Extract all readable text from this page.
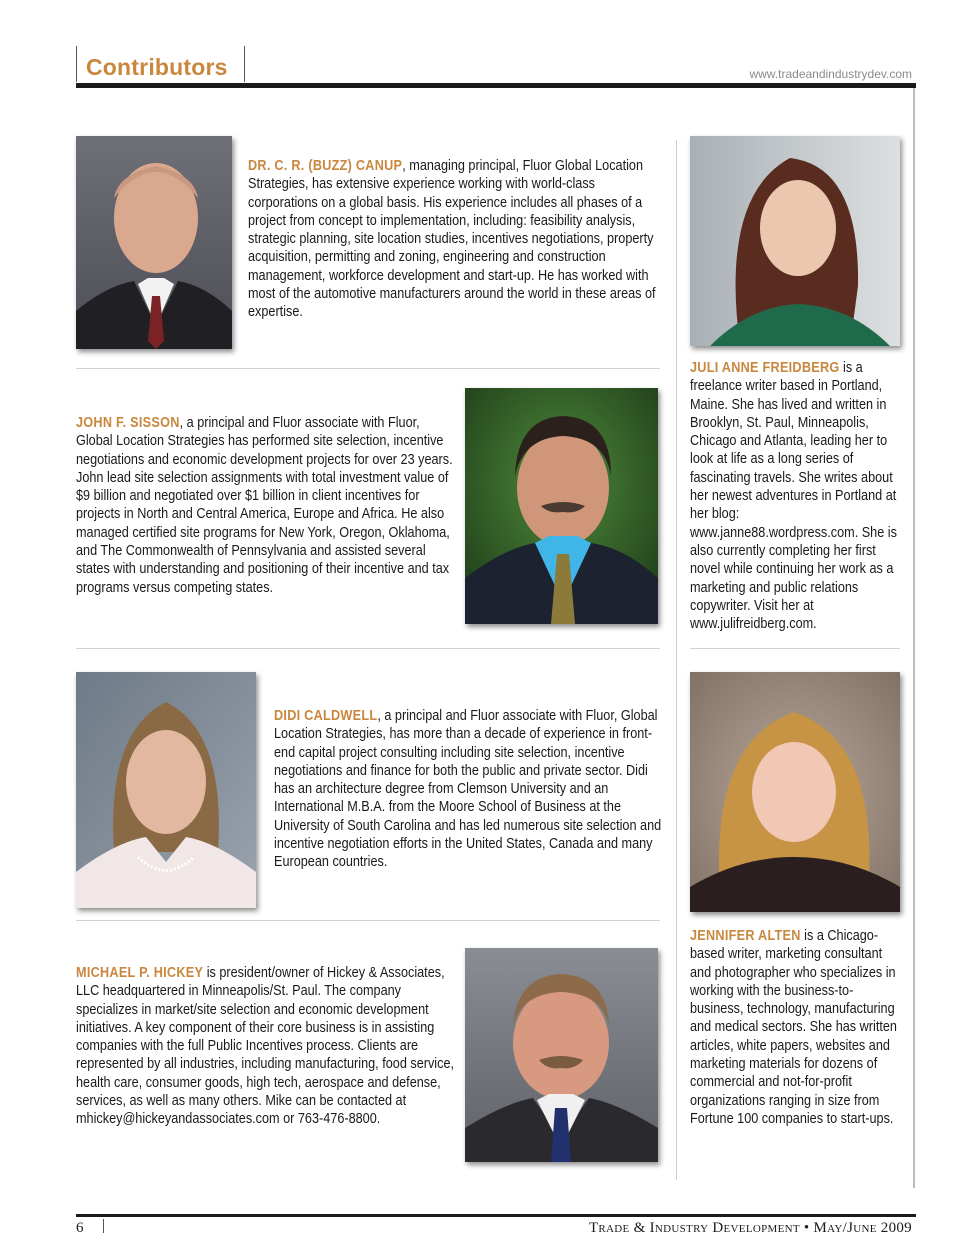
Contributors	www.tradeandindustrydev.com
DR. C. R. (BUZZ) CANUP, managing principal, Fluor Global Location Strategies, has extensive experience working with world-class corporations on a global basis. His experience includes all phases of a project from concept to implementation, including: feasibility analysis, strategic planning, site location studies, incentives negotiations, property acquisition, permitting and zoning, engineering and construction management, workforce development and start-up. He has worked with most of the automotive manufacturers around the world in these areas of expertise.
JOHN F. SISSON, a principal and Fluor associate with Fluor, Global Location Strategies has performed site selection, incentive negotiations and economic development projects for over 23 years. John lead site selection assignments with total investment value of $9 billion and negotiated over $1 billion in client incentives for projects in North and Central America, Europe and Africa. He also managed certified site programs for New York, Oregon, Oklahoma, and The Commonwealth of Pennsylvania and assisted several states with understanding and positioning of their incentive and tax programs versus competing states.
DIDI CALDWELL, a principal and Fluor associate with Fluor, Global Location Strategies, has more than a decade of experience in front-end capital project consulting including site selection, incentive negotiations and finance for both the public and private sector. Didi has an architecture degree from Clemson University and an International M.B.A. from the Moore School of Business at the University of South Carolina and has led numerous site selection and incentive negotiation efforts in the United States, Canada and many European countries.
MICHAEL P. HICKEY is president/owner of Hickey & Associates, LLC headquartered in Minneapolis/St. Paul. The company specializes in market/site selection and economic development initiatives. A key component of their core business is in assisting companies with the full Public Incentives process. Clients are represented by all industries, including manufacturing, food service, health care, consumer goods, high tech, aerospace and defense, services, as well as many others. Mike can be contacted at mhickey@hickeyandassociates.com or 763-476-8800.
JULI ANNE FREIDBERG is a freelance writer based in Portland, Maine. She has lived and written in Brooklyn, St. Paul, Minneapolis, Chicago and Atlanta, leading her to look at life as a long series of fascinating travels. She writes about her newest adventures in Portland at her blog: www.janne88.wordpress.com. She is also currently completing her first novel while continuing her work as a marketing and public relations copywriter. Visit her at www.julifreidberg.com.
JENNIFER ALTEN is a Chicago-based writer, marketing consultant and photographer who specializes in working with the business-to-business, technology, manufacturing and medical sectors. She has written articles, white papers, websites and marketing materials for dozens of commercial and not-for-profit organizations ranging in size from Fortune 100 companies to start-ups.
6	Trade & Industry Development • May/June 2009
